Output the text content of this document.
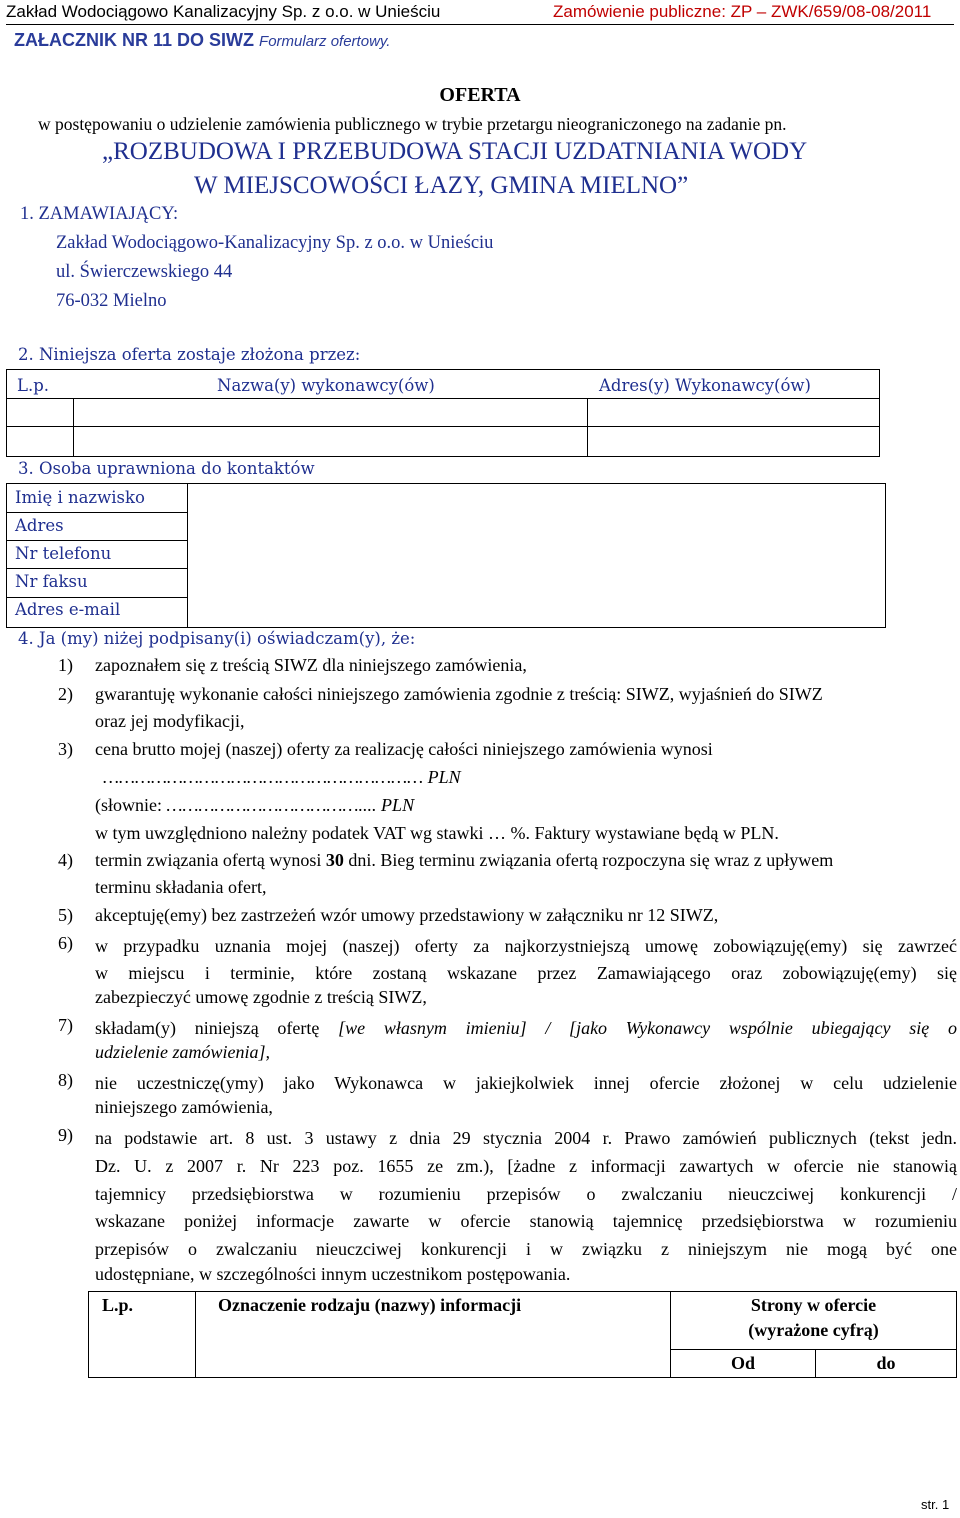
Zakład Wodociągowo Kanalizacyjny Sp. z o.o. w Unieściu	Zamówienie publiczne: ZP – ZWK/659/08-08/2011
ZAŁACZNIK NR 11 DO SIWZ Formularz ofertowy.
OFERTA
w postępowaniu o udzielenie zamówienia publicznego w trybie przetargu nieograniczonego na zadanie pn.
„ROZBUDOWA I PRZEBUDOWA STACJI UZDATNIANIA WODY
W MIEJSCOWOŚCI ŁAZY, GMINA MIELNO”
1. ZAMAWIAJĄCY:
Zakład Wodociągowo-Kanalizacyjny Sp. z o.o. w Unieściu
ul. Świerczewskiego 44
76-032 Mielno
2. Niniejsza oferta zostaje złożona przez:
L.p.	Nazwa(y) wykonawcy(ów)	Adres(y) Wykonawcy(ów)
3. Osoba uprawniona do kontaktów
Imię i nazwisko
Adres
Nr telefonu
Nr faksu
Adres e-mail
4. Ja (my) niżej podpisany(i) oświadczam(y), że:
1) zapoznałem się z treścią SIWZ dla niniejszego zamówienia,
2) gwarantuję wykonanie całości niniejszego zamówienia zgodnie z treścią: SIWZ, wyjaśnień do SIWZ
oraz jej modyfikacji,
3) cena brutto mojej (naszej) oferty za realizację całości niniejszego zamówienia wynosi
…………………………………………………… PLN
(słownie: ……………………………….... PLN
w tym uwzględniono należny podatek VAT wg stawki … %. Faktury wystawiane będą w PLN.
4) termin związania ofertą wynosi 30 dni. Bieg terminu związania ofertą rozpoczyna się wraz z upływem
terminu składania ofert,
5) akceptuję(emy) bez zastrzeżeń wzór umowy przedstawiony w załączniku nr 12 SIWZ,
6) w przypadku uznania mojej (naszej) oferty za najkorzystniejszą umowę zobowiązuję(emy) się zawrzeć
w miejscu i terminie, które zostaną wskazane przez Zamawiającego oraz zobowiązuję(emy) się
zabezpieczyć umowę zgodnie z treścią SIWZ,
7) składam(y) niniejszą ofertę [we własnym imieniu] / [jako Wykonawcy wspólnie ubiegający się o
udzielenie zamówienia],
8) nie uczestniczę(ymy) jako Wykonawca w jakiejkolwiek innej ofercie złożonej w celu udzielenie
niniejszego zamówienia,
9) na podstawie art. 8 ust. 3 ustawy z dnia 29 stycznia 2004 r. Prawo zamówień publicznych (tekst jedn.
Dz. U. z 2007 r. Nr 223 poz. 1655 ze zm.), [żadne z informacji zawartych w ofercie nie stanowią
tajemnicy przedsiębiorstwa w rozumieniu przepisów o zwalczaniu nieuczciwej konkurencji /
wskazane poniżej informacje zawarte w ofercie stanowią tajemnicę przedsiębiorstwa w rozumieniu
przepisów o zwalczaniu nieuczciwej konkurencji i w związku z niniejszym nie mogą być one
udostępniane, w szczególności innym uczestnikom postępowania.
L.p.	Oznaczenie rodzaju (nazwy) informacji	Strony w ofercie
(wyrażone cyfrą)	

		Od	do
str. 1
